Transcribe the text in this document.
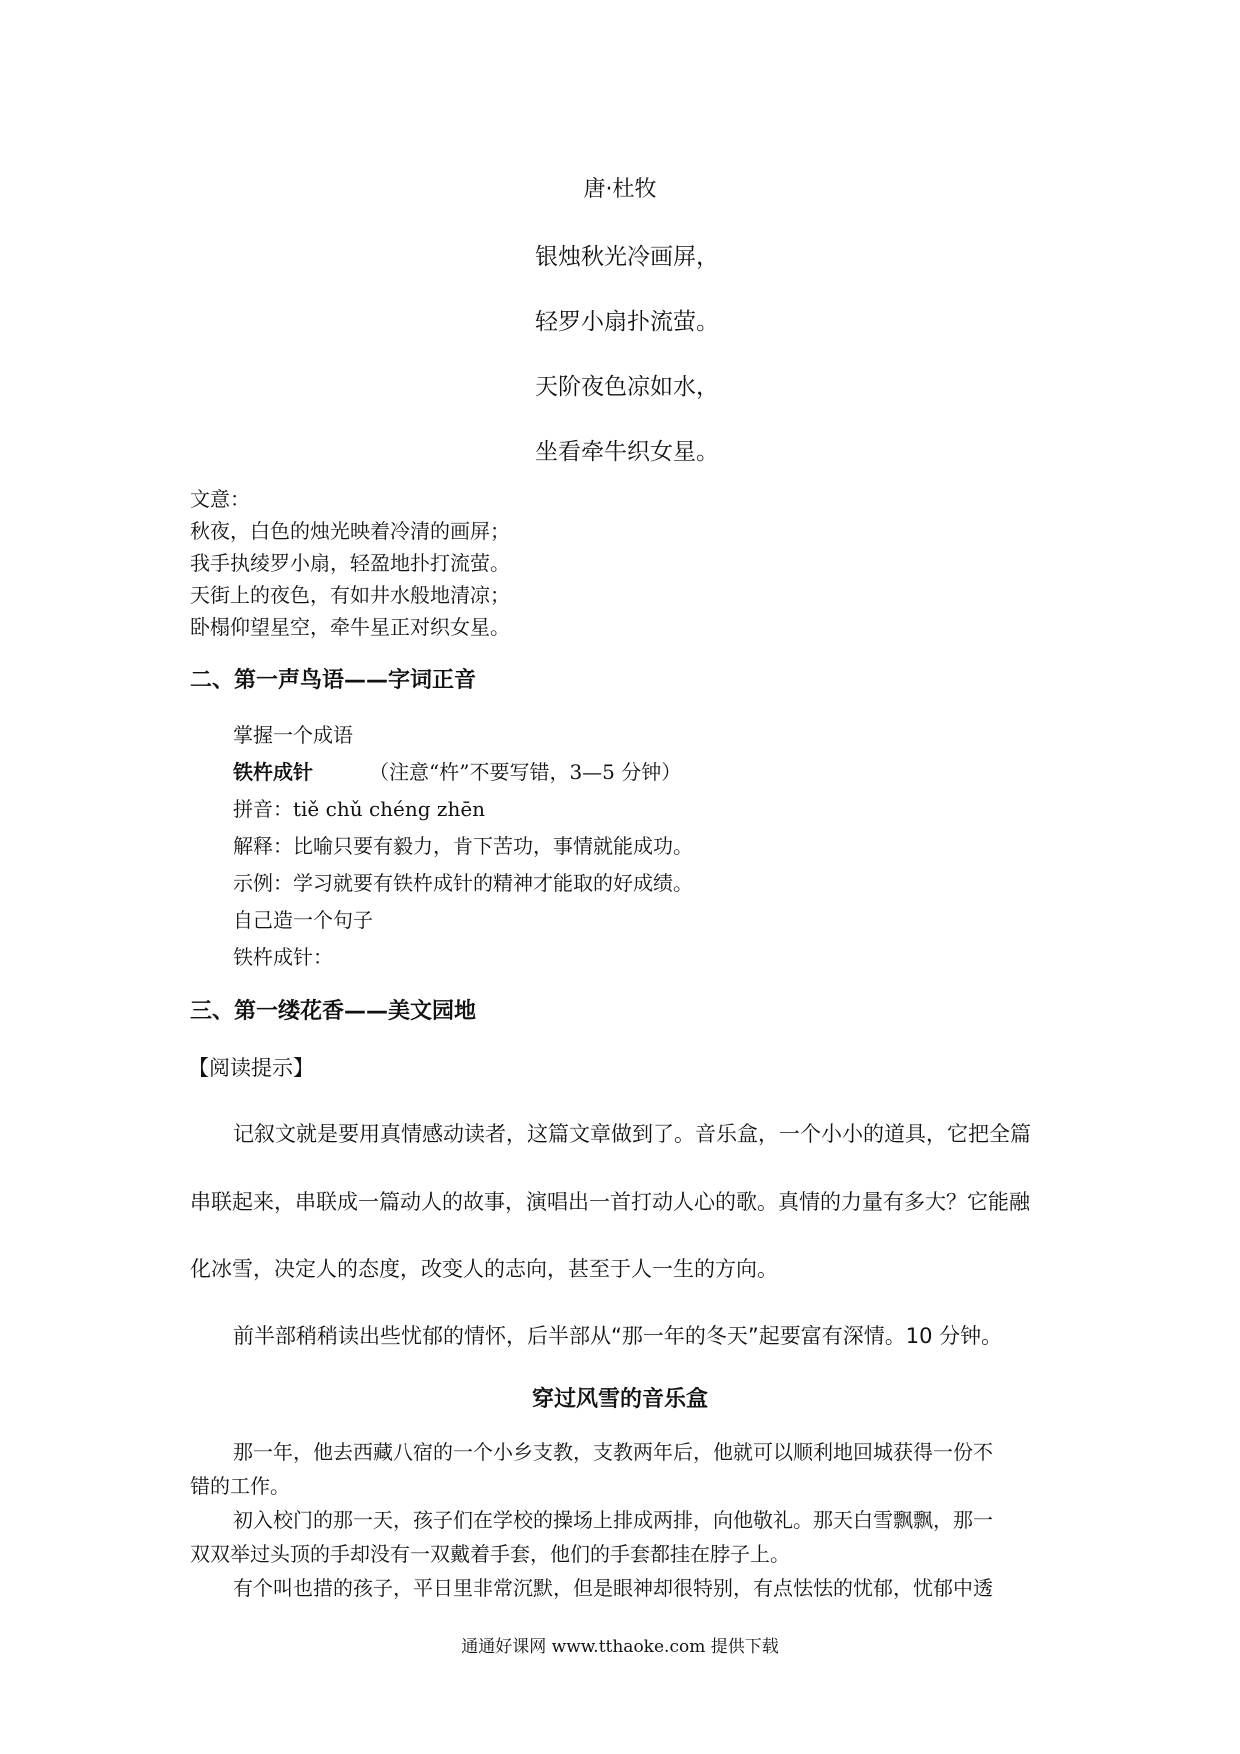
唐·杜牧
银烛秋光冷画屏，
轻罗小扇扑流萤。
天阶夜色凉如水，
坐看牵牛织女星。
文意：
秋夜，白色的烛光映着冷清的画屏；
我手执绫罗小扇，轻盈地扑打流萤。
天街上的夜色，有如井水般地清凉；
卧榻仰望星空，牵牛星正对织女星。
二、第一声鸟语——字词正音
掌握一个成语
铁杵成针	（注意“杵”不要写错，3—5 分钟）
拼音：tiě chǔ chéng zhēn
解释：比喻只要有毅力，肯下苦功，事情就能成功。
示例：学习就要有铁杵成针的精神才能取的好成绩。
自己造一个句子
铁杵成针：
三、第一缕花香——美文园地
【阅读提示】
记叙文就是要用真情感动读者，这篇文章做到了。音乐盒，一个小小的道具，它把全篇
串联起来，串联成一篇动人的故事，演唱出一首打动人心的歌。真情的力量有多大？它能融
化冰雪，决定人的态度，改变人的志向，甚至于人一生的方向。
前半部稍稍读出些忧郁的情怀，后半部从“那一年的冬天”起要富有深情。10 分钟。
穿过风雪的音乐盒
那一年，他去西藏八宿的一个小乡支教，支教两年后，他就可以顺利地回城获得一份不
错的工作。
初入校门的那一天，孩子们在学校的操场上排成两排，向他敬礼。那天白雪飘飘，那一
双双举过头顶的手却没有一双戴着手套，他们的手套都挂在脖子上。
有个叫也措的孩子，平日里非常沉默，但是眼神却很特别，有点怯怯的忧郁，忧郁中透
通通好课网 www.tthaoke.com 提供下载
